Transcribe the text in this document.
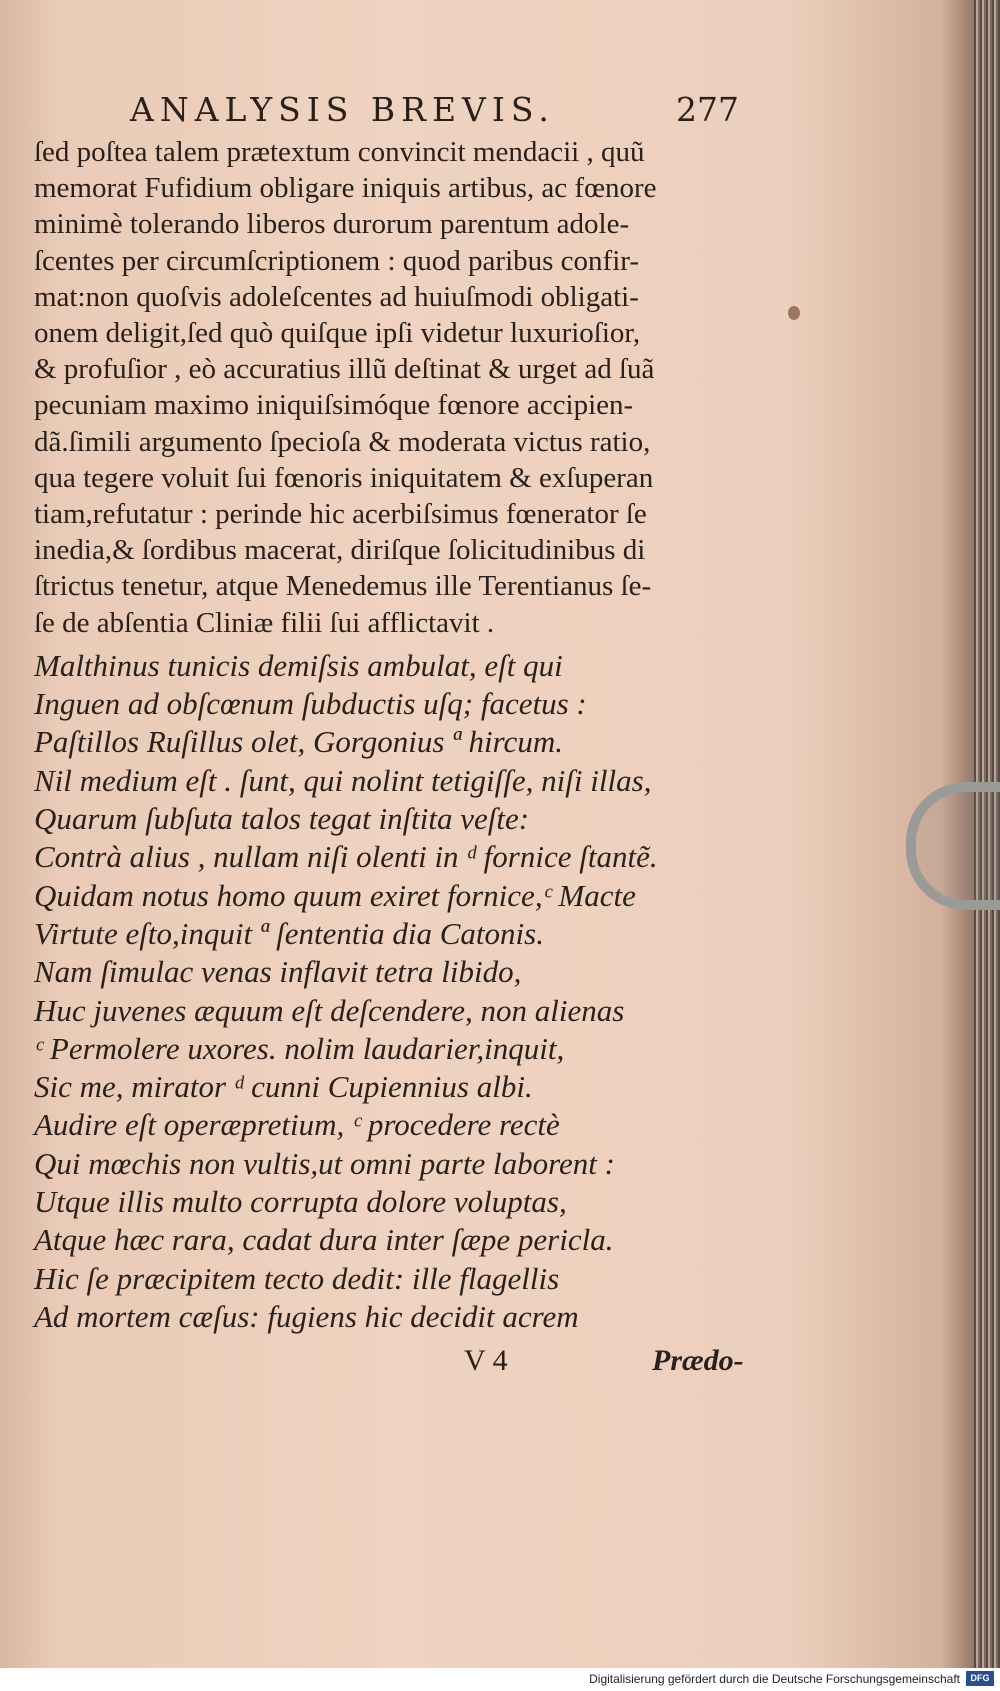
ANALYSIS BREVIS.	277
ſed poſtea talem prætextum convincit mendacii , quũ
memorat Fufidium obligare iniquis artibus, ac fœnore
minimè tolerando liberos durorum parentum adole-
ſcentes per circumſcriptionem : quod paribus confir-
mat:non quoſvis adoleſcentes ad huiuſmodi obligati-
onem deligit,ſed quò quiſque ipſi videtur luxurioſior,
& profuſior , eò accuratius illũ deſtinat & urget ad ſuã
pecuniam maximo iniquiſsimóque fœnore accipien-
dã.ſimili argumento ſpecioſa & moderata victus ratio,
qua tegere voluit ſui fœnoris iniquitatem & exſuperan
tiam,refutatur : perinde hic acerbiſsimus fœnerator ſe
inedia,& ſordibus macerat, diriſque ſolicitudinibus di
ſtrictus tenetur, atque Menedemus ille Terentianus ſe-
ſe de abſentia Cliniæ filii ſui afflictavit .
Malthinus tunicis demiſsis ambulat, eſt qui
Inguen ad obſcœnum ſubductis uſq; facetus :
Paſtillos Ruſillus olet, Gorgonius ª hircum.
Nil medium eſt . ſunt, qui nolint tetigiſſe, niſi illas,
Quarum ſubſuta talos tegat inſtita veſte:
Contrà alius , nullam niſi olenti in ᵈ fornice ſtantẽ.
Quidam notus homo quum exiret fornice,ᶜ Macte
Virtute eſto,inquit ª ſententia dia Catonis.
Nam ſimulac venas inflavit tetra libido,
Huc juvenes æquum eſt deſcendere, non alienas
ᶜ Permolere uxores. nolim laudarier,inquit,
Sic me, mirator ᵈ cunni Cupiennius albi.
Audire eſt operæpretium, ᶜ procedere rectè
Qui mœchis non vultis,ut omni parte laborent :
Utque illis multo corrupta dolore voluptas,
Atque hæc rara, cadat dura inter ſæpe pericla.
Hic ſe præcipitem tecto dedit: ille flagellis
Ad mortem cæſus: fugiens hic decidit acrem
V 4	Prædo-
Digitalisierung gefördert durch die Deutsche Forschungsgemeinschaft	DFG
